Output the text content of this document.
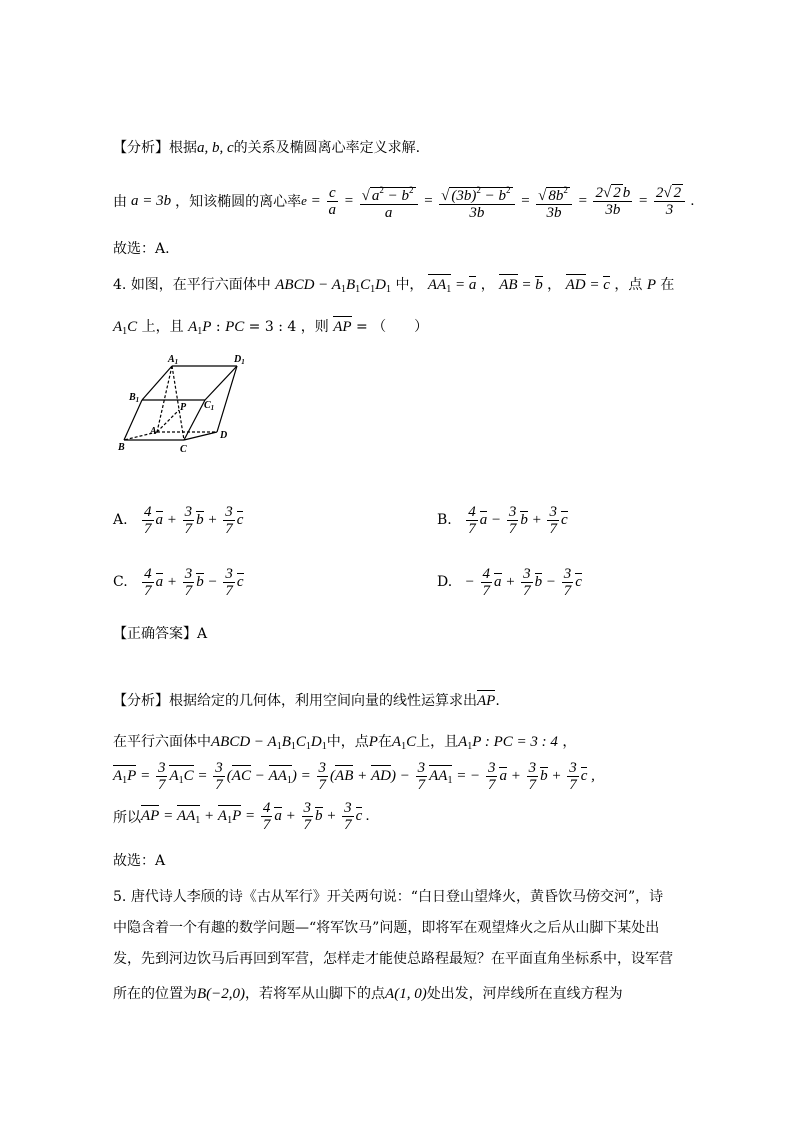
【分析】根据a, b, c的关系及椭圆离心率定义求解.
由 a = 3b ，知该椭圆的离心率 $e = \frac{c}{a} = \frac{√ a^2 - b^2}{a} = \frac{√ (3b)^2 - b^2}{3b} = \frac{√ 8b^2}{3b} = \frac{2√ 2 b}{3b} = \frac{2√ 2}{3}$ .
故选：A.
4. 如图，在平行六面体中 ABCD − $A_1B_1C_1D_1$ 中， $AA_1 = a$ ， AB = b ， AD = c ，点 P 在
$A_1C$ 上，且 $A_1P$ : PC = 3 : 4 ，则 AP = （　　）
$A_1$	$D_1$
$B_1$	$C_1$
P
A	D
B	C
A. $\frac{4}{7}$ $a + \frac{3}{7}$ $b + \frac{3}{7}$ c	B. $\frac{4}{7}$ $a - \frac{3}{7}$ $b + \frac{3}{7}$ c
C. $\frac{4}{7}$ $a + \frac{3}{7}$ $b - \frac{3}{7}$ c	D. − $\frac{4}{7}$ $a + \frac{3}{7}$ $b - \frac{3}{7}$ c
【正确答案】A
【分析】根据给定的几何体，利用空间向量的线性运算求出AP.
在平行六面体中ABCD − $A_1B_1C_1D_1$中，点P在$A_1C$上，且$A_1P$ : PC = 3 : 4 ，
$A_1P = \frac{3}{7} A_1C = \frac{3}{7} (AC - AA_1) = \frac{3}{7} (AB + AD) - \frac{3}{7} AA_1$ = − $\frac{3}{7}$ $a + \frac{3}{7}$ $b + \frac{3}{7}$ c ,
所以 AP = $AA_1 + A_1P = \frac{4}{7}$ $a + \frac{3}{7}$ $b + \frac{3}{7}$ c .
故选：A
5. 唐代诗人李颀的诗《古从军行》开关两句说：“白日登山望烽火，黄昏饮马傍交河”，诗
中隐含着一个有趣的数学问题—“将军饮马”问题，即将军在观望烽火之后从山脚下某处出
发，先到河边饮马后再回到军营，怎样走才能使总路程最短？在平面直角坐标系中，设军营
所在的位置为B(−2,0)，若将军从山脚下的点A(1, 0)处出发，河岸线所在直线方程为
